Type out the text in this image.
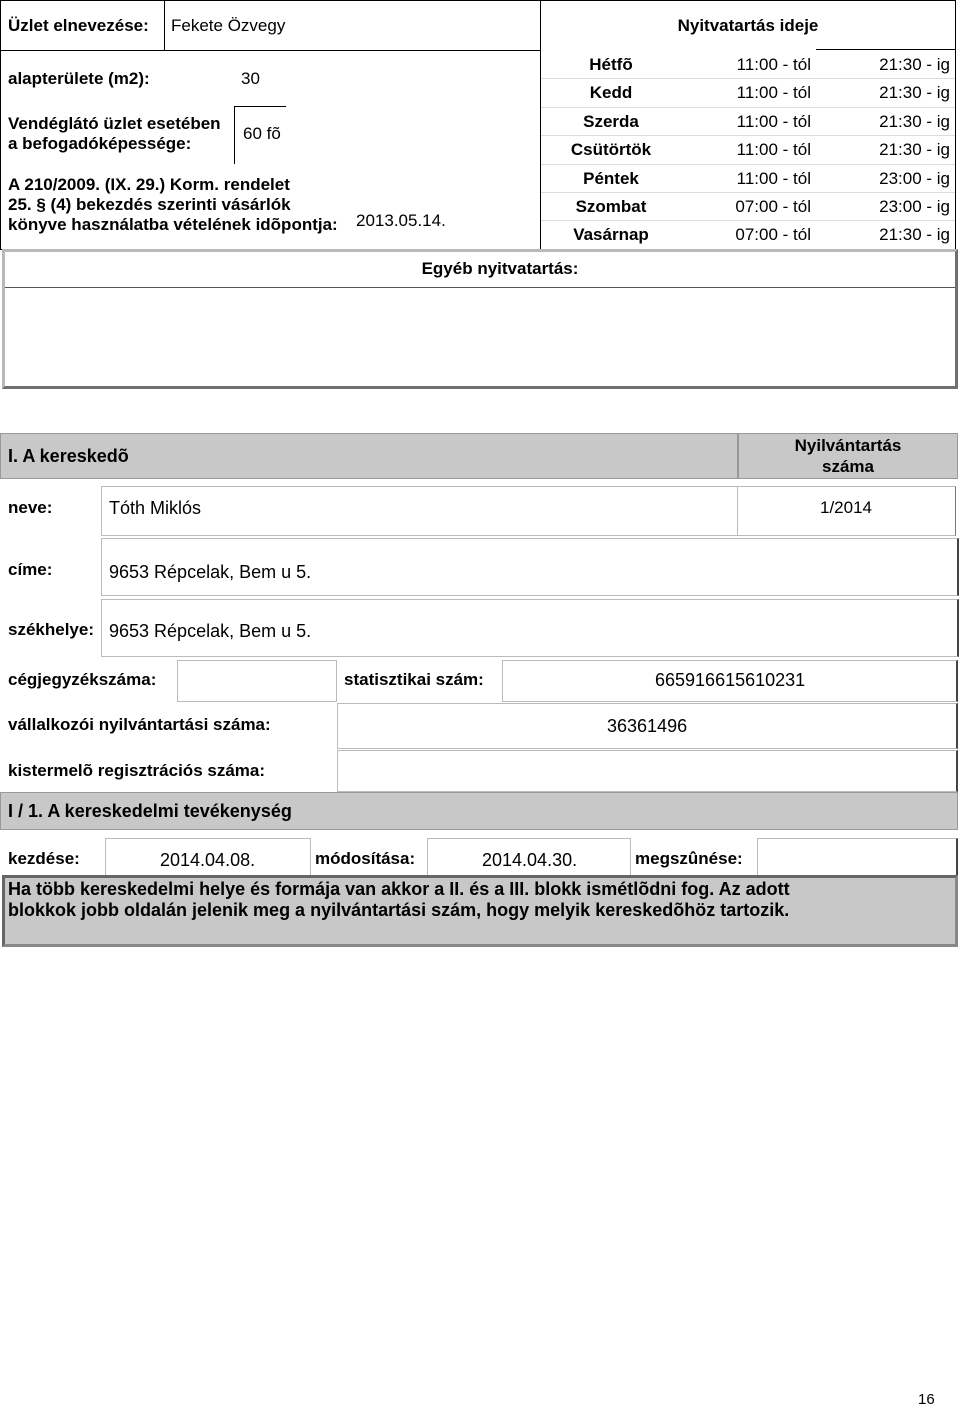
Üzlet elnevezése: Fekete Özvegy
alapterülete (m2):	30
Vendéglátó üzlet esetében
a befogadóképessége:
60 fõ
A 210/2009. (IX. 29.) Korm. rendelet
25. § (4) bekezdés szerinti vásárlók
könyve használatba vételének idõpontja: 2013.05.14.
Nyitvatartás ideje
Hétfõ	11:00 - tól	21:30 - ig
Kedd	11:00 - tól	21:30 - ig
Szerda	11:00 - tól	21:30 - ig
Csütörtök	11:00 - tól	21:30 - ig
Péntek	11:00 - tól	23:00 - ig
Szombat	07:00 - tól	23:00 - ig
Vasárnap	07:00 - tól	21:30 - ig
Egyéb nyitvatartás:
I. A kereskedõ
Nyilvántartás
száma
neve:	Tóth Miklós	1/2014
címe:	9653 Répcelak, Bem u 5.
székhelye: 9653 Répcelak, Bem u 5.
cégjegyzékszáma:	statisztikai szám:	665916615610231
vállalkozói nyilvántartási száma:	36361496
kistermelõ regisztrációs száma:
I / 1. A kereskedelmi tevékenység
kezdése:	2014.04.08.	módosítása:	2014.04.30.	megszûnése:
Ha több kereskedelmi helye és formája van akkor a II. és a III. blokk ismétlõdni fog. Az adott blokkok jobb oldalán jelenik meg a nyilvántartási szám, hogy melyik kereskedõhöz tartozik.
16
